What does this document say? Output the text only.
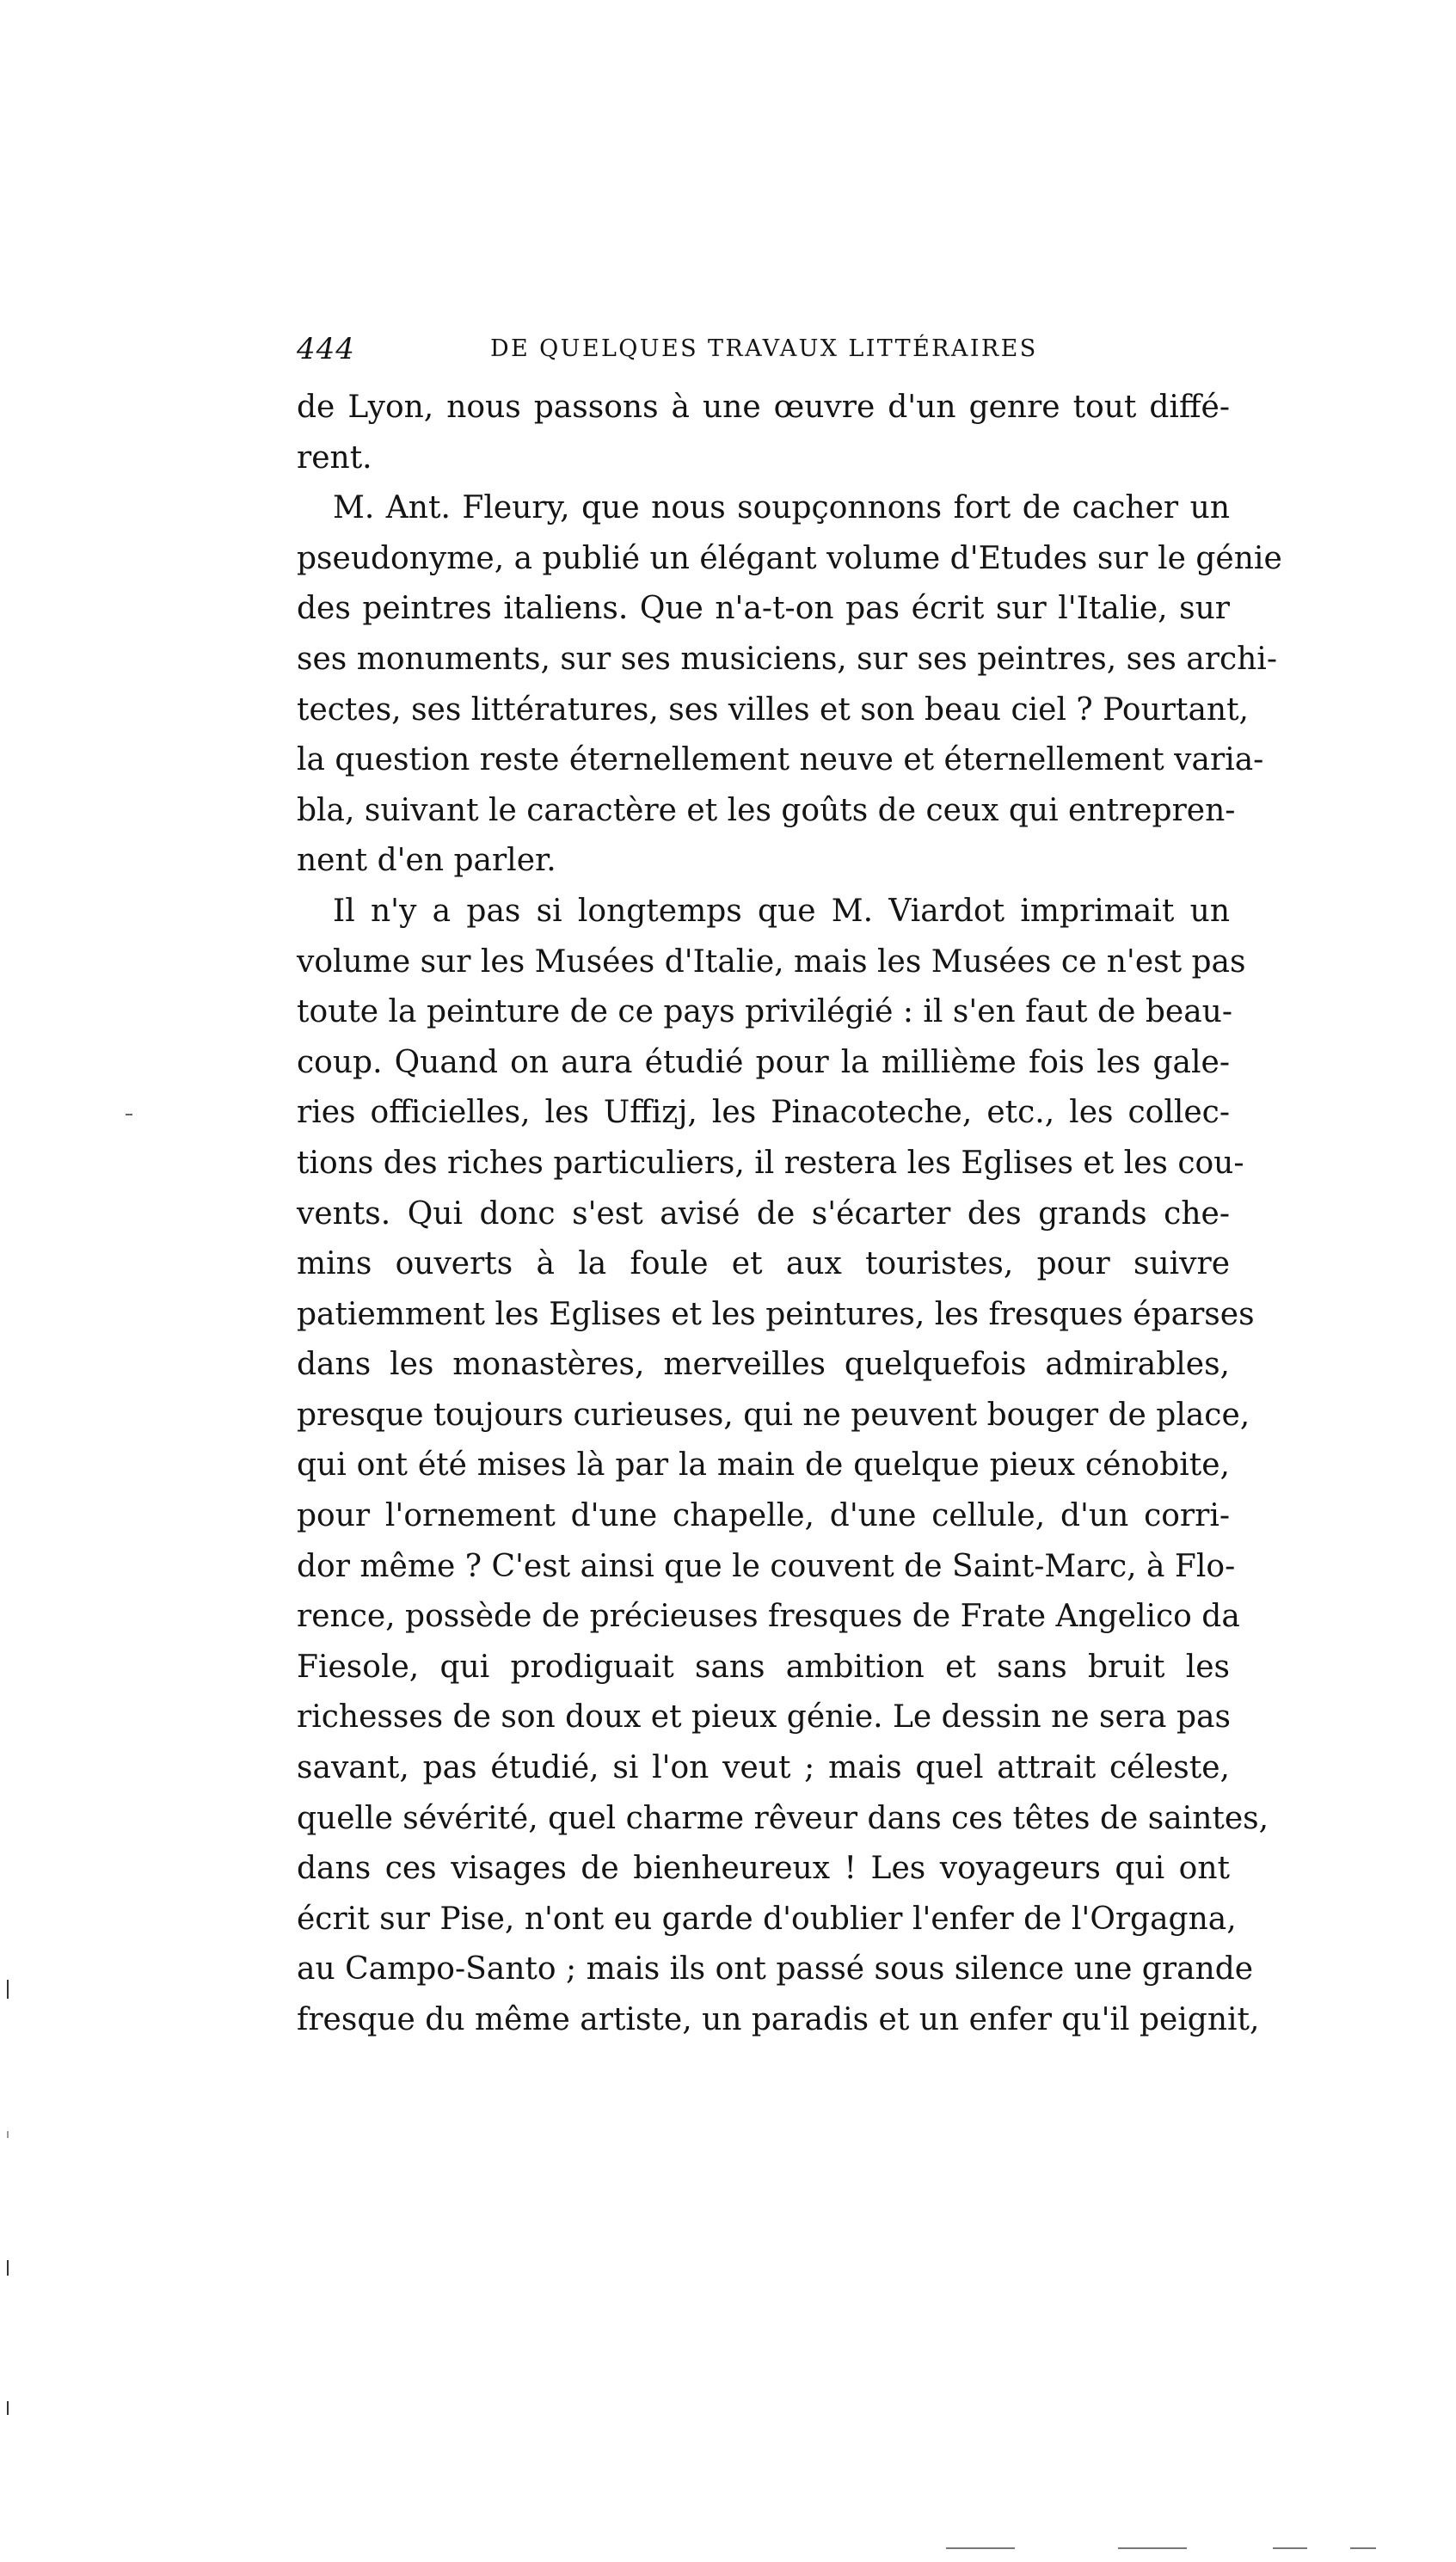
444	DE QUELQUES TRAVAUX LITTÉRAIRES
de Lyon, nous passons à une œuvre d'un genre tout diffé-
rent.
M. Ant. Fleury, que nous soupçonnons fort de cacher un
pseudonyme, a publié un élégant volume d'Etudes sur le génie
des peintres italiens. Que n'a-t-on pas écrit sur l'Italie, sur
ses monuments, sur ses musiciens, sur ses peintres, ses archi-
tectes, ses littératures, ses villes et son beau ciel ? Pourtant,
la question reste éternellement neuve et éternellement varia-
bla, suivant le caractère et les goûts de ceux qui entrepren-
nent d'en parler.
Il n'y a pas si longtemps que M. Viardot imprimait un
volume sur les Musées d'Italie, mais les Musées ce n'est pas
toute la peinture de ce pays privilégié : il s'en faut de beau-
coup. Quand on aura étudié pour la millième fois les gale-
ries officielles, les Uffizj, les Pinacoteche, etc., les collec-
tions des riches particuliers, il restera les Eglises et les cou-
vents. Qui donc s'est avisé de s'écarter des grands che-
mins ouverts à la foule et aux touristes, pour suivre
patiemment les Eglises et les peintures, les fresques éparses
dans les monastères, merveilles quelquefois admirables,
presque toujours curieuses, qui ne peuvent bouger de place,
qui ont été mises là par la main de quelque pieux cénobite,
pour l'ornement d'une chapelle, d'une cellule, d'un corri-
dor même ? C'est ainsi que le couvent de Saint-Marc, à Flo-
rence, possède de précieuses fresques de Frate Angelico da
Fiesole, qui prodiguait sans ambition et sans bruit les
richesses de son doux et pieux génie. Le dessin ne sera pas
savant, pas étudié, si l'on veut ; mais quel attrait céleste,
quelle sévérité, quel charme rêveur dans ces têtes de saintes,
dans ces visages de bienheureux ! Les voyageurs qui ont
écrit sur Pise, n'ont eu garde d'oublier l'enfer de l'Orgagna,
au Campo-Santo ; mais ils ont passé sous silence une grande
fresque du même artiste, un paradis et un enfer qu'il peignit,
